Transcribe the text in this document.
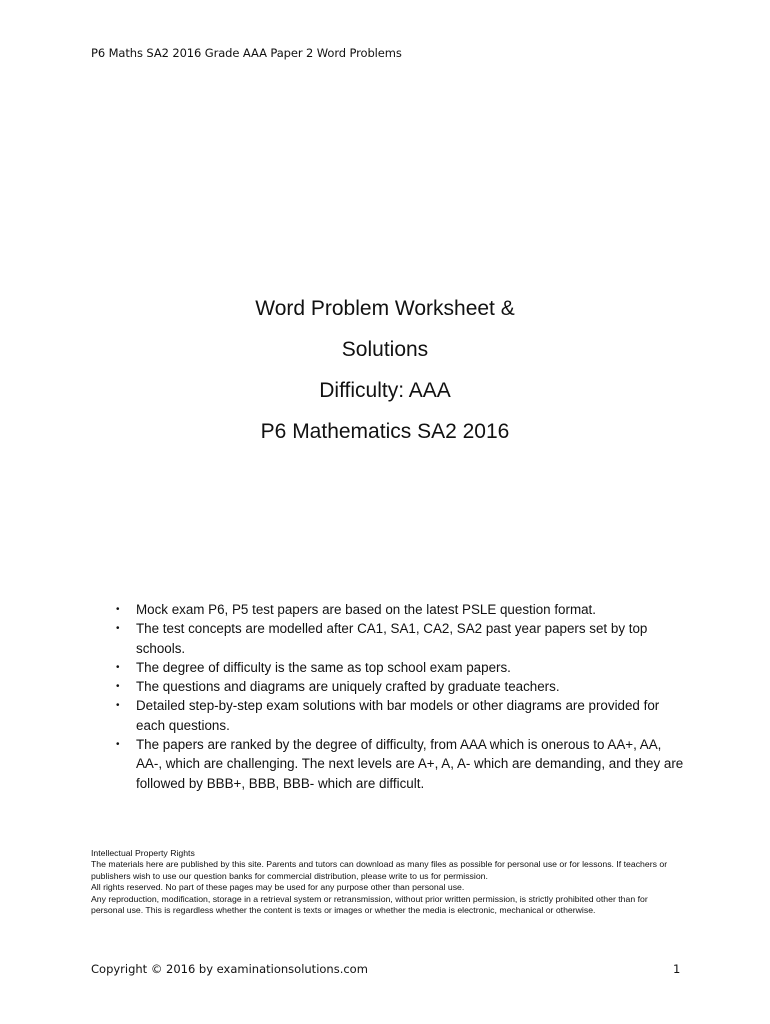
P6 Maths SA2 2016 Grade AAA Paper 2 Word Problems
Word Problem Worksheet &
Solutions
Difficulty: AAA
P6 Mathematics SA2 2016
• Mock exam P6, P5 test papers are based on the latest PSLE question format.
• The test concepts are modelled after CA1, SA1, CA2, SA2 past year papers set by top schools.
• The degree of difficulty is the same as top school exam papers.
• The questions and diagrams are uniquely crafted by graduate teachers.
• Detailed step-by-step exam solutions with bar models or other diagrams are provided for each questions.
• The papers are ranked by the degree of difficulty, from AAA which is onerous to AA+, AA, AA-, which are challenging. The next levels are A+, A, A- which are demanding, and they are followed by BBB+, BBB, BBB- which are difficult.

Intellectual Property Rights

The materials here are published by this site. Parents and tutors can download as many files as possible for personal use or for lessons. If teachers or publishers wish to use our question banks for commercial distribution, please write to us for permission.

All rights reserved. No part of these pages may be used for any purpose other than personal use.

Any reproduction, modification, storage in a retrieval system or retransmission, without prior written permission, is strictly prohibited other than for personal use. This is regardless whether the content is texts or images or whether the media is electronic, mechanical or otherwise.

Copyright © 2016 by examinationsolutions.com	1
